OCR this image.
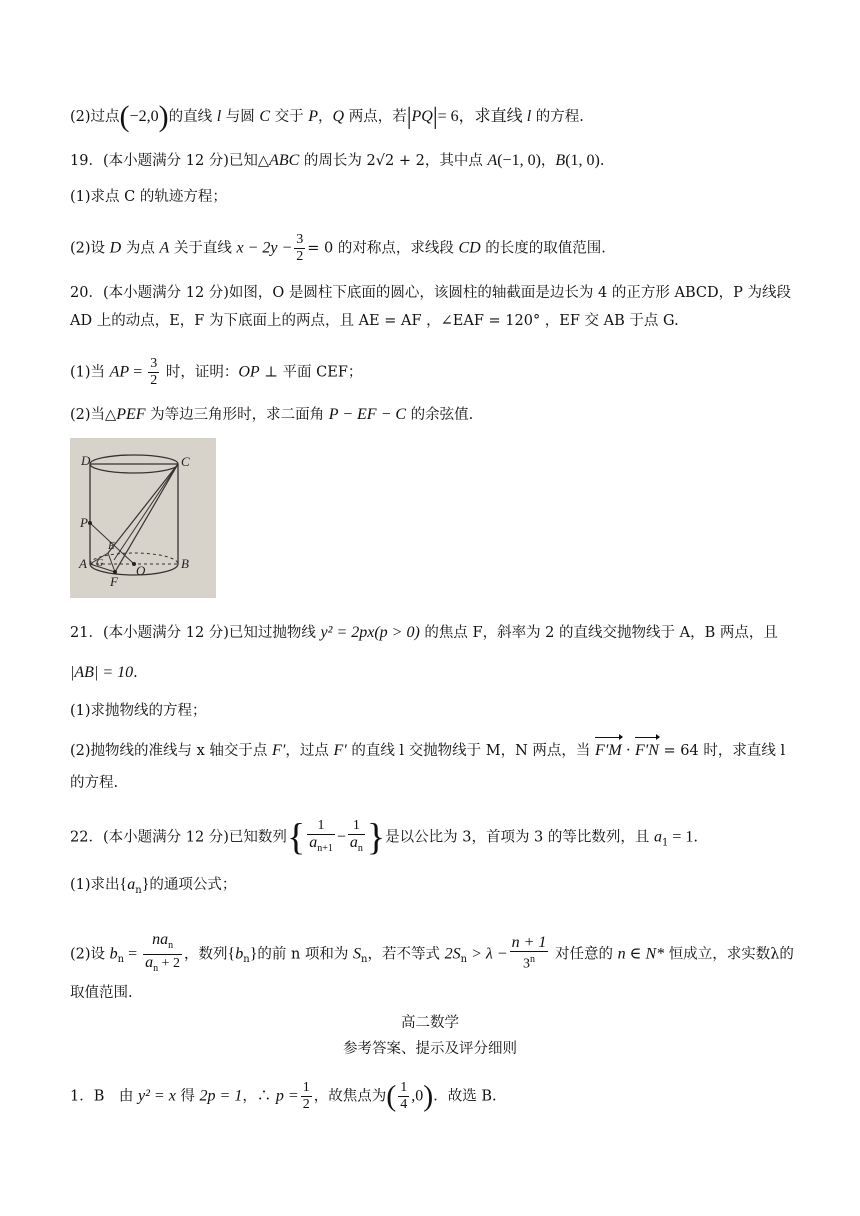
(2)过点(−2,0)的直线 l 与圆 C 交于 P，Q 两点，若|PQ|= 6，求直线 l 的方程.
19．(本小题满分 12 分)已知△ABC 的周长为 2√2 + 2，其中点 A(−1, 0)，B(1, 0).
(1)求点 C 的轨迹方程；
(2)设 D 为点 A 关于直线 $x - 2y - \frac{3}{2} = 0$ 的对称点，求线段 CD 的长度的取值范围.
20．(本小题满分 12 分)如图，O 是圆柱下底面的圆心，该圆柱的轴截面是边长为 4 的正方形 ABCD，P 为线段
AD 上的动点，E，F 为下底面上的两点，且 AE = AF ，∠EAF = 120° ，EF 交 AB 于点 G.
(1)当 AP = $\frac{3}{2}$ 时，证明：OP ⊥ 平面 CEF；
(2)当△PEF 为等边三角形时，求二面角 P − EF − C 的余弦值.
D	C
P
E
A G	O	B
F
21．(本小题满分 12 分)已知过抛物线 y² = 2px(p > 0) 的焦点 F，斜率为 2 的直线交抛物线于 A，B 两点，且
|AB| = 10.
(1)求抛物线的方程；
(2)抛物线的准线与 x 轴交于点 F′，过点 F′ 的直线 l 交抛物线于 M，N 两点，当 F′M · F′N = 64 时，求直线 l
的方程.
22．(本小题满分 12 分)已知数列{ $\frac{1}{a_{n+1}} - \frac{1}{a_n}$ }是以公比为 3，首项为 3 的等比数列，且 $a_1 = 1$.
(1)求出$\{a_n\}$的通项公式；
(2)设 $b_n = \frac{na_n}{a_n + 2}$ ，数列$\{b_n\}$的前 n 项和为 $S_n$，若不等式 $2S_n > \lambda - \frac{n + 1}{3^n}$ 对任意的 n ∈ N* 恒成立，求实数λ的
取值范围.
高二数学
参考答案、提示及评分细则
1．B　由 y² = x 得 2p = 1，∴ $p = \frac{1}{2}$ ，故焦点为( $\frac{1}{4} ,0$)．故选 B.
